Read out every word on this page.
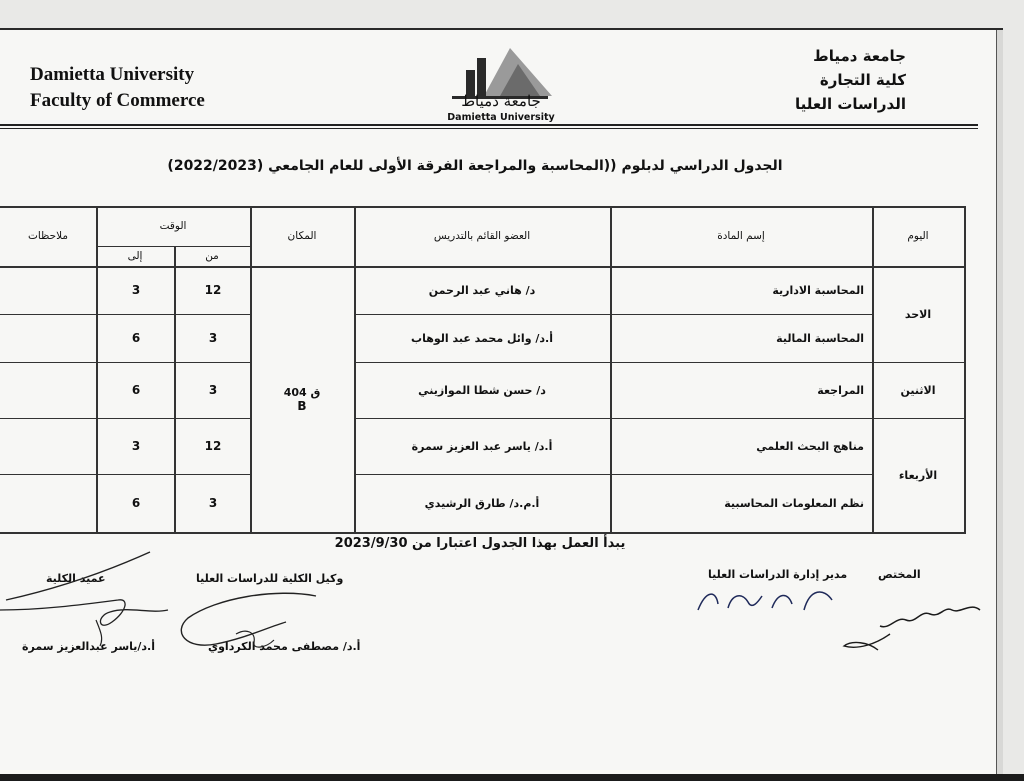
Damietta University
Faculty of Commerce	جامعة دمياط
Damietta University
جامعة دمياط
كلية التجارة
الدراسات العليا
الجدول الدراسي لدبلوم ((المحاسبة والمراجعة الفرقة الأولى للعام الجامعي (2022/2023)
اليوم
إسم المادة
العضو القائم بالتدريس
المكان
الوقت
من
إلى
ملاحظات
الاحد
الاثنين
الأربعاء
ق 404
B
المحاسبة الادارية
د/ هاني عبد الرحمن
12
3
المحاسبة المالية
أ.د/ وائل محمد عبد الوهاب
3
6
المراجعة
د/ حسن شطا الموازيني
3
6
مناهج البحث العلمي
أ.د/ ياسر عبد العزيز سمرة
12
3
نظم المعلومات المحاسبية
أ.م.د/ طارق الرشيدي
3
6
يبدأ العمل بهذا الجدول اعتبارا من 2023/9/30
المختص
مدير إدارة الدراسات العليا
وكيل الكلية للدراسات العليا
أ.د/ مصطفى محمد الكرداوي
عميد الكلية
أ.د/ياسر عبدالعزيز سمرة
